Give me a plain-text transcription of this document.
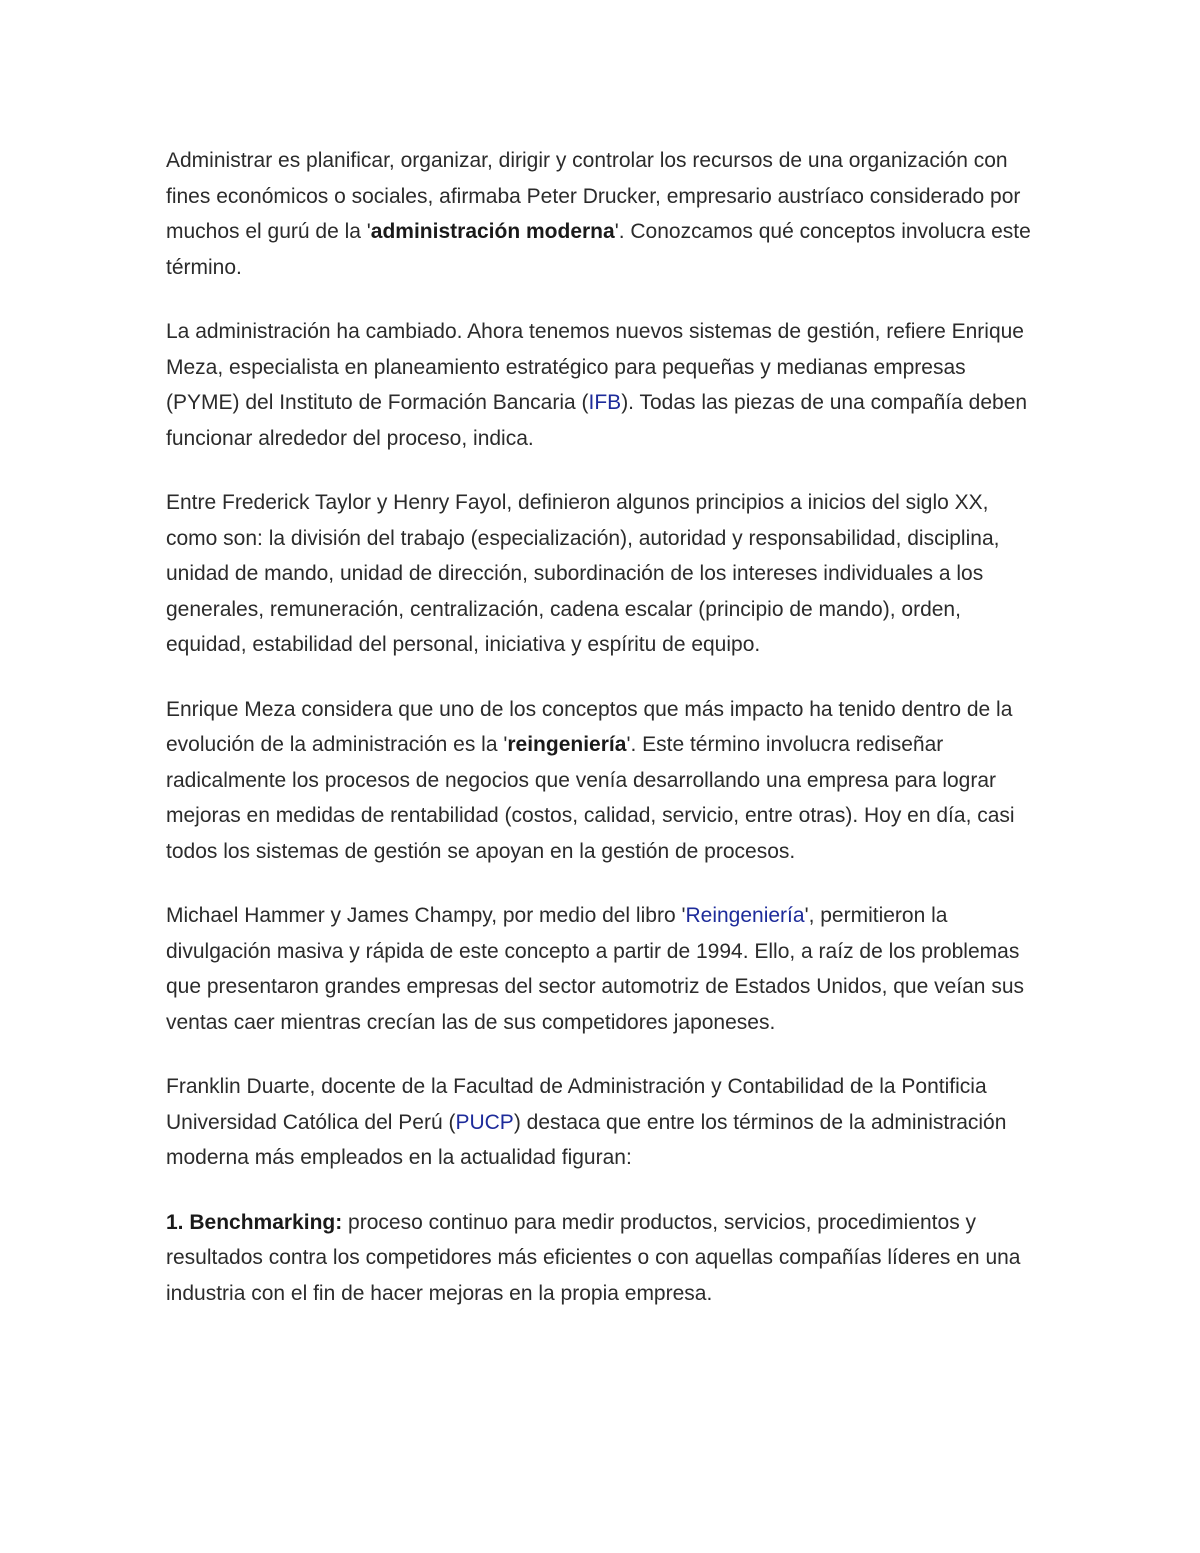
Administrar es planificar, organizar, dirigir y controlar los recursos de una organización con fines económicos o sociales, afirmaba Peter Drucker, empresario austríaco considerado por muchos el gurú de la 'administración moderna'. Conozcamos qué conceptos involucra este término.

La administración ha cambiado. Ahora tenemos nuevos sistemas de gestión, refiere Enrique Meza, especialista en planeamiento estratégico para pequeñas y medianas empresas (PYME) del Instituto de Formación Bancaria (IFB). Todas las piezas de una compañía deben funcionar alrededor del proceso, indica.

Entre Frederick Taylor y Henry Fayol, definieron algunos principios a inicios del siglo XX, como son: la división del trabajo (especialización), autoridad y responsabilidad, disciplina, unidad de mando, unidad de dirección, subordinación de los intereses individuales a los generales, remuneración, centralización, cadena escalar (principio de mando), orden, equidad, estabilidad del personal, iniciativa y espíritu de equipo.

Enrique Meza considera que uno de los conceptos que más impacto ha tenido dentro de la evolución de la administración es la 'reingeniería'. Este término involucra rediseñar radicalmente los procesos de negocios que venía desarrollando una empresa para lograr mejoras en medidas de rentabilidad (costos, calidad, servicio, entre otras). Hoy en día, casi todos los sistemas de gestión se apoyan en la gestión de procesos.

Michael Hammer y James Champy, por medio del libro 'Reingeniería', permitieron la divulgación masiva y rápida de este concepto a partir de 1994. Ello, a raíz de los problemas que presentaron grandes empresas del sector automotriz de Estados Unidos, que veían sus ventas caer mientras crecían las de sus competidores japoneses.

Franklin Duarte, docente de la Facultad de Administración y Contabilidad de la Pontificia Universidad Católica del Perú (PUCP) destaca que entre los términos de la administración moderna más empleados en la actualidad figuran:

1. Benchmarking: proceso continuo para medir productos, servicios, procedimientos y resultados contra los competidores más eficientes o con aquellas compañías líderes en una industria con el fin de hacer mejoras en la propia empresa.
